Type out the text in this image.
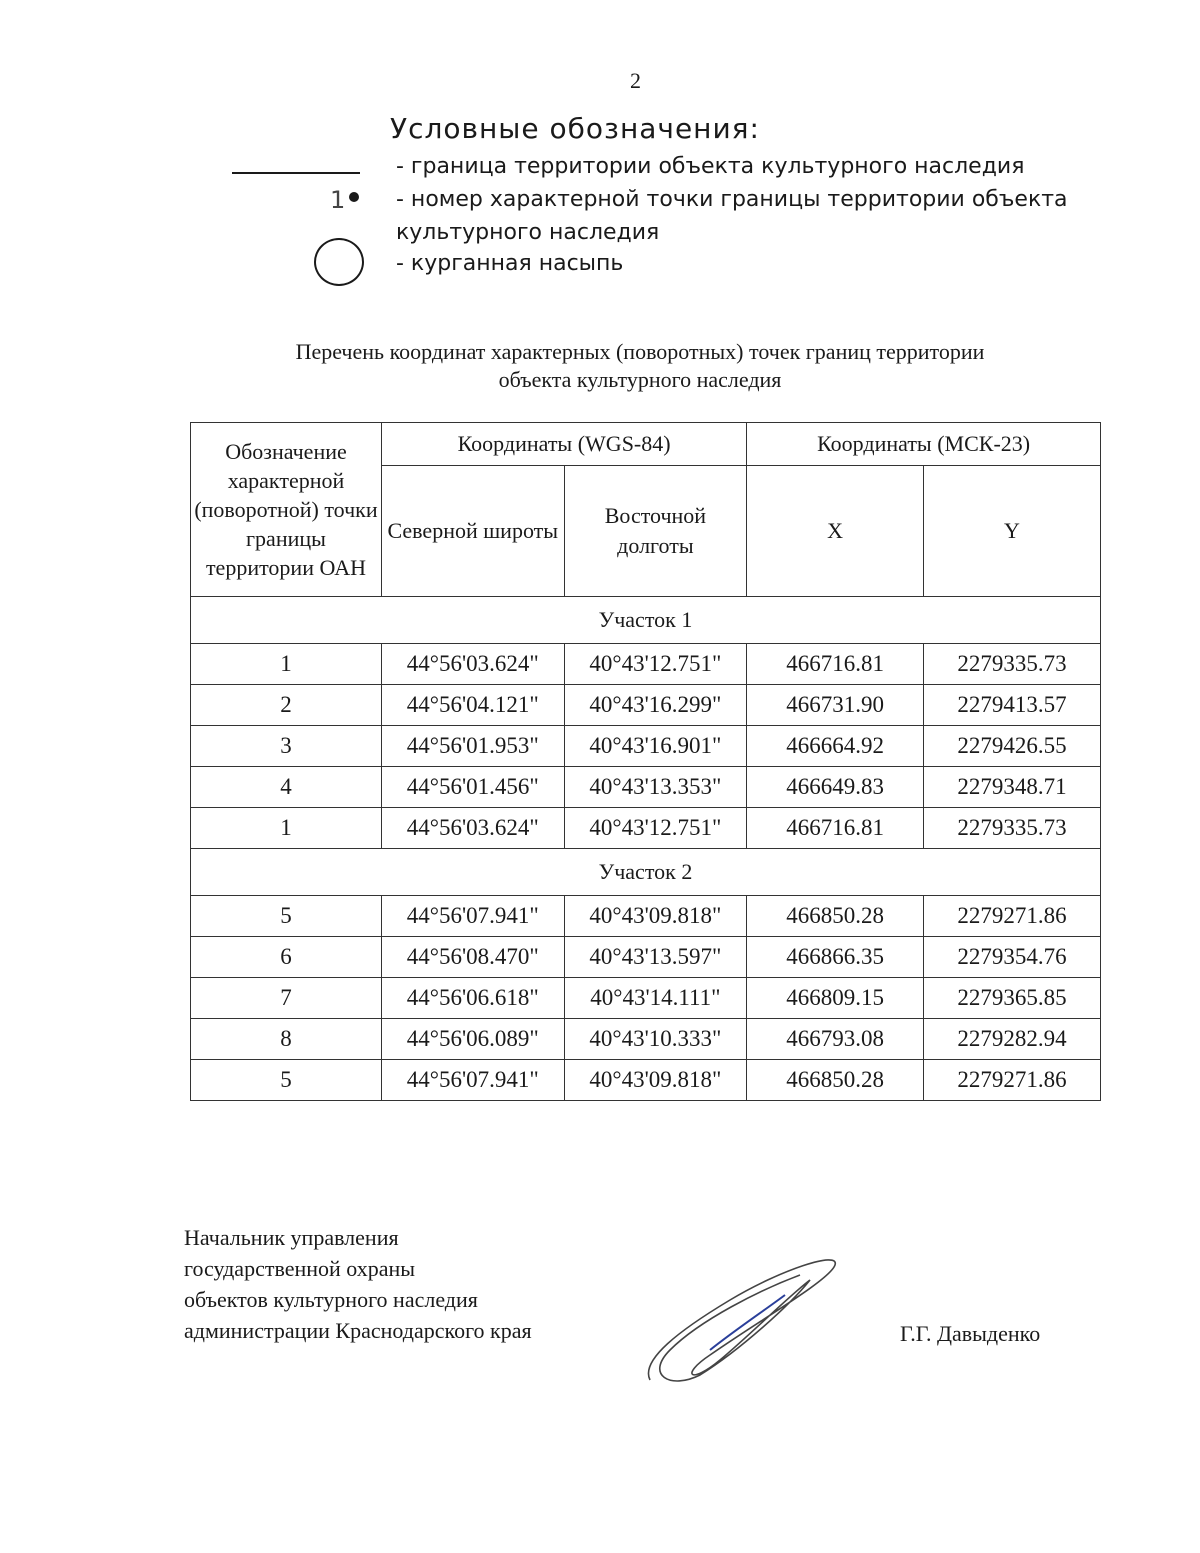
2
Условные обозначения:
- граница территории объекта культурного наследия
1	- номер характерной точки границы территории объекта культурного наследия
- курганная насыпь
Перечень координат характерных (поворотных) точек границ территории
объекта культурного наследия
Обозначение характерной (поворотной) точки границы территории ОАН	Координаты (WGS-84)		Координаты (МСК-23)	
	Северной широты	Восточной долготы	X	Y
Участок 1				
1	44°56'03.624"	40°43'12.751"	466716.81	2279335.73
2	44°56'04.121"	40°43'16.299"	466731.90	2279413.57
3	44°56'01.953"	40°43'16.901"	466664.92	2279426.55
4	44°56'01.456"	40°43'13.353"	466649.83	2279348.71
1	44°56'03.624"	40°43'12.751"	466716.81	2279335.73
Участок 2				
5	44°56'07.941"	40°43'09.818"	466850.28	2279271.86
6	44°56'08.470"	40°43'13.597"	466866.35	2279354.76
7	44°56'06.618"	40°43'14.111"	466809.15	2279365.85
8	44°56'06.089"	40°43'10.333"	466793.08	2279282.94
5	44°56'07.941"	40°43'09.818"	466850.28	2279271.86
Начальник управления
государственной охраны
объектов культурного наследия
администрации Краснодарского края	Г.Г. Давыденко
